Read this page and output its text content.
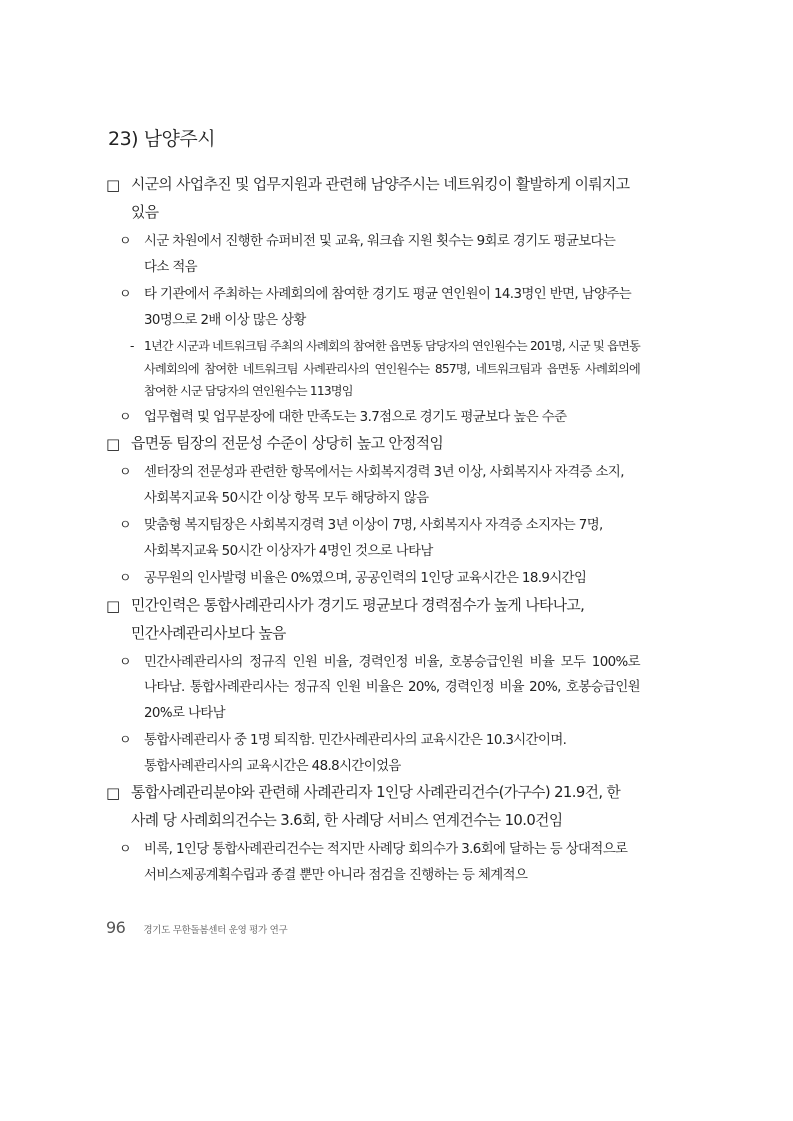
23) 남양주시
□ 시군의 사업추진 및 업무지원과 관련해 남양주시는 네트워킹이 활발하게 이뤄지고 있음
ㅇ 시군 차원에서 진행한 슈퍼비전 및 교육, 워크숍 지원 횟수는 9회로 경기도 평균보다는 다소 적음
ㅇ 타 기관에서 주최하는 사례회의에 참여한 경기도 평균 연인원이 14.3명인 반면, 남양주는 30명으로 2배 이상 많은 상황
- 1년간 시군과 네트워크팀 주최의 사례회의 참여한 읍면동 담당자의 연인원수는 201명, 시군 및 읍면동 사례회의에 참여한 네트워크팀 사례관리사의 연인원수는 857명, 네트워크팀과 읍면동 사례회의에 참여한 시군 담당자의 연인원수는 113명임
ㅇ 업무협력 및 업무분장에 대한 만족도는 3.7점으로 경기도 평균보다 높은 수준
□ 읍면동 팀장의 전문성 수준이 상당히 높고 안정적임
ㅇ 센터장의 전문성과 관련한 항목에서는 사회복지경력 3년 이상, 사회복지사 자격증 소지, 사회복지교육 50시간 이상 항목 모두 해당하지 않음
ㅇ 맞춤형 복지팀장은 사회복지경력 3년 이상이 7명, 사회복지사 자격증 소지자는 7명, 사회복지교육 50시간 이상자가 4명인 것으로 나타남
ㅇ 공무원의 인사발령 비율은 0%였으며, 공공인력의 1인당 교육시간은 18.9시간임
□ 민간인력은 통합사례관리사가 경기도 평균보다 경력점수가 높게 나타나고, 민간사례관리사보다 높음
ㅇ 민간사례관리사의 정규직 인원 비율, 경력인정 비율, 호봉승급인원 비율 모두 100%로 나타남. 통합사례관리사는 정규직 인원 비율은 20%, 경력인정 비율 20%, 호봉승급인원 20%로 나타남
ㅇ 통합사례관리사 중 1명 퇴직함. 민간사례관리사의 교육시간은 10.3시간이며. 통합사례관리사의 교육시간은 48.8시간이었음
□ 통합사례관리분야와 관련해 사례관리자 1인당 사례관리건수(가구수) 21.9건, 한 사례 당 사례회의건수는 3.6회, 한 사례당 서비스 연계건수는 10.0건임
ㅇ 비록, 1인당 통합사례관리건수는 적지만 사례당 회의수가 3.6회에 달하는 등 상대적으로 서비스제공계획수립과 종결 뿐만 아니라 점검을 진행하는 등 체계적으
96 경기도 무한돌봄센터 운영 평가 연구
